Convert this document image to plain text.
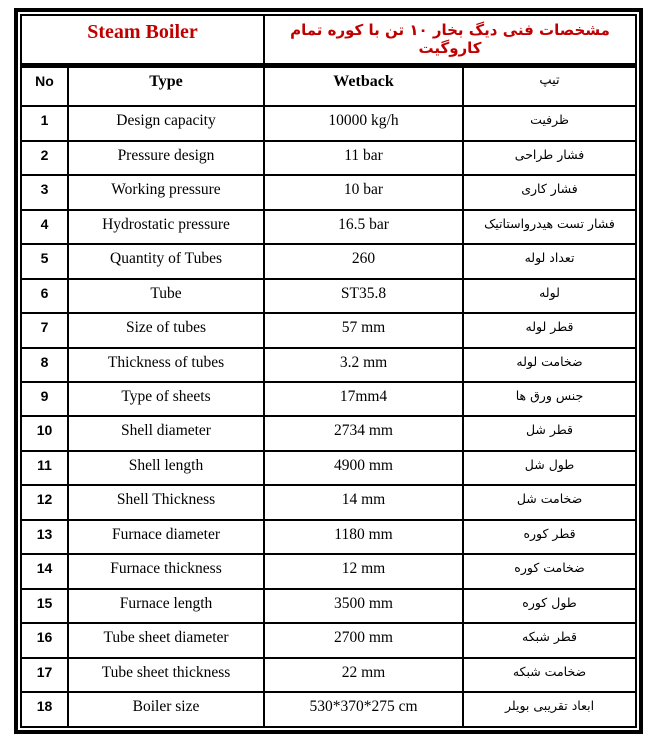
Steam Boiler		مشخصات فنی دیگ بخار ۱۰ تن با کوره تمام کاروگیت	
No	Type	Wetback	تیپ
1	Design capacity	10000 kg/h	ظرفیت
2	Pressure design	11 bar	فشار طراحی
3	Working pressure	10 bar	فشار کاری
4	Hydrostatic pressure	16.5 bar	فشار تست هیدرواستاتیک
5	Quantity of Tubes	260	تعداد لوله
6	Tube	ST35.8	لوله
7	Size of tubes	57 mm	قطر لوله
8	Thickness of tubes	3.2 mm	ضخامت لوله
9	Type of sheets	17mm4	جنس ورق ها
10	Shell diameter	2734 mm	قطر شل
11	Shell length	4900 mm	طول شل
12	Shell Thickness	14 mm	ضخامت شل
13	Furnace diameter	1180 mm	قطر کوره
14	Furnace thickness	12 mm	ضخامت کوره
15	Furnace length	3500 mm	طول کوره
16	Tube sheet diameter	2700 mm	قطر شبکه
17	Tube sheet thickness	22 mm	ضخامت شبکه
18	Boiler size	530*370*275 cm	ابعاد تقریبی بویلر
